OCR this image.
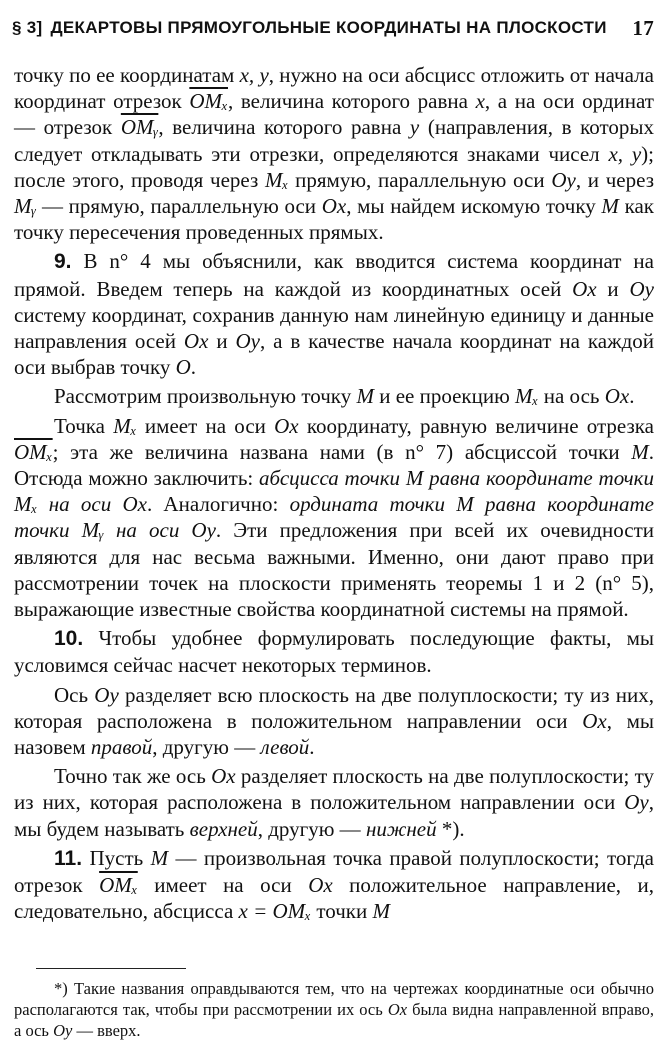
§ 3] ДЕКАРТОВЫ ПРЯМОУГОЛЬНЫЕ КООРДИНАТЫ НА ПЛОСКОСТИ 17

точку по ее координатам x, y, нужно на оси абсцисс отложить от начала координат отрезок $\overline{OM_x}$, величина которого равна x, а на оси ординат — отрезок $\overline{OMᵧ}$, величина которого равна y (направления, в которых следует откладывать эти отрезки, определяются знаками чисел x, y); после этого, проводя через Mₓ прямую, параллельную оси Oy, и через Mᵧ — прямую, параллельную оси Ox, мы найдем искомую точку M как точку пересечения проведенных прямых.

9. В n° 4 мы объяснили, как вводится система координат на прямой. Введем теперь на каждой из координатных осей Ox и Oy систему координат, сохранив данную нам линейную единицу и данные направления осей Ox и Oy, а в качестве начала координат на каждой оси выбрав точку O.

Рассмотрим произвольную точку M и ее проекцию Mₓ на ось Ox.

Точка Mₓ имеет на оси Ox координату, равную величине отрезка $\overline{OM_x}$; эта же величина названа нами (в n° 7) абсциссой точки M. Отсюда можно заключить: абсцисса точки M равна координате точки Mₓ на оси Ox. Аналогично: ордината точки M равна координате точки Mᵧ на оси Oy. Эти предложения при всей их очевидности являются для нас весьма важными. Именно, они дают право при рассмотрении точек на плоскости применять теоремы 1 и 2 (n° 5), выражающие известные свойства координатной системы на прямой.

10. Чтобы удобнее формулировать последующие факты, мы условимся сейчас насчет некоторых терминов.

Ось Oy разделяет всю плоскость на две полуплоскости; ту из них, которая расположена в положительном направлении оси Ox, мы назовем правой, другую — левой.

Точно так же ось Ox разделяет плоскость на две полуплоскости; ту из них, которая расположена в положительном направлении оси Oy, мы будем называть верхней, другую — нижней *).

11. Пусть M — произвольная точка правой полуплоскости; тогда отрезок $\overline{OM_x}$ имеет на оси Ox положительное направление, и, следовательно, абсцисса x = OMₓ точки M

*) Такие названия оправдываются тем, что на чертежах координатные оси обычно располагаются так, чтобы при рассмотрении их ось Ox была видна направленной вправо, а ось Oy — вверх.
